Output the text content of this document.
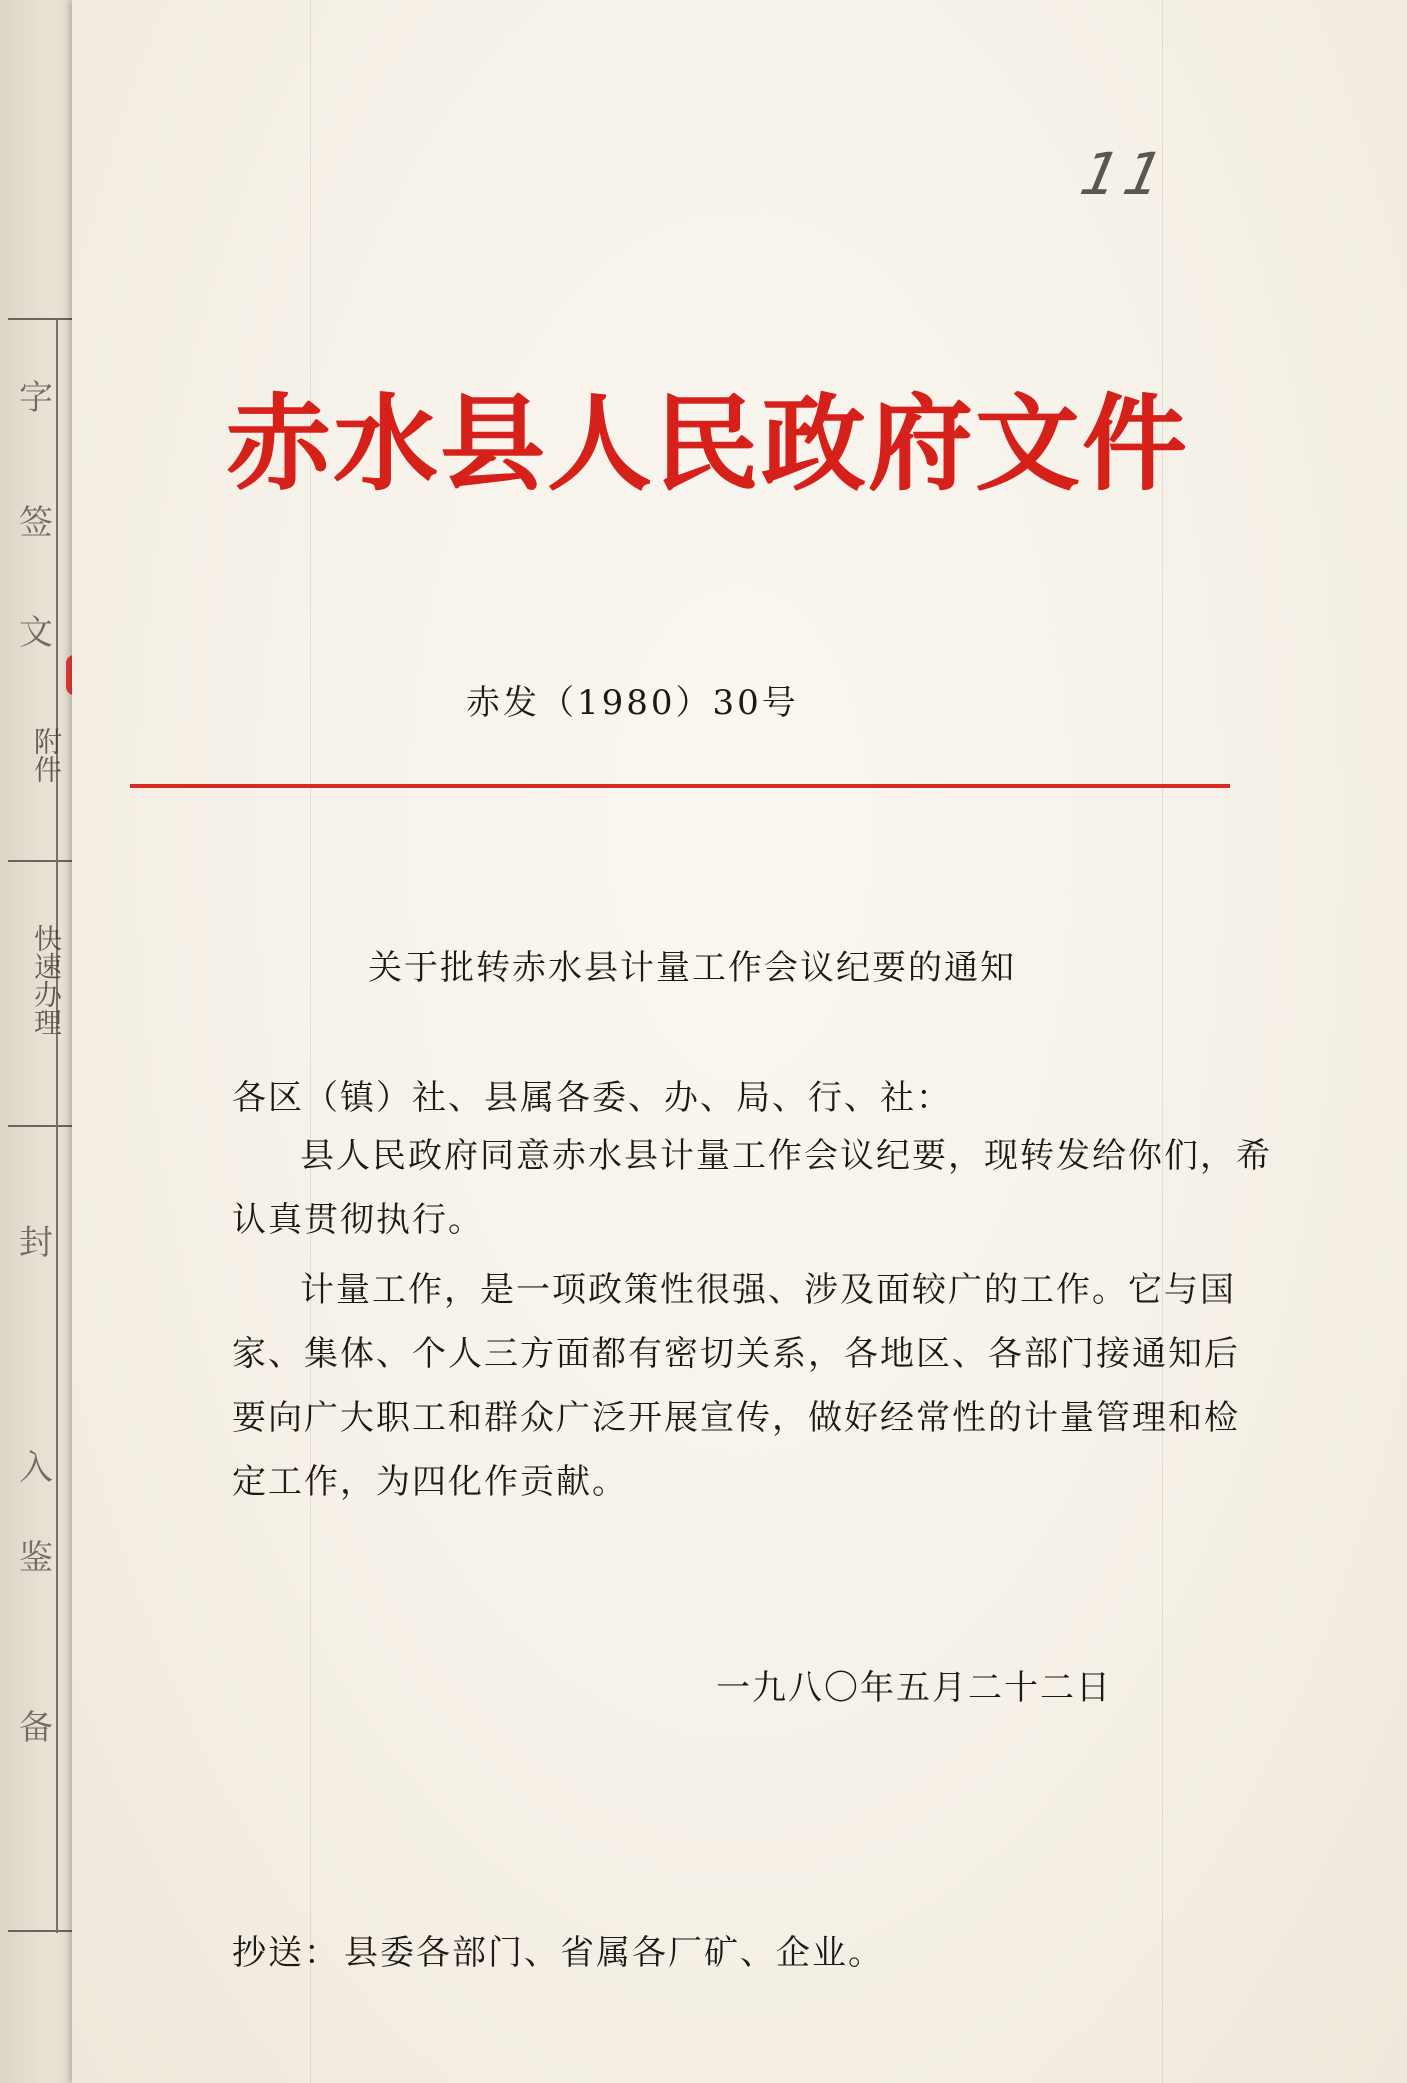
字
签
文
附件
快速办理
封
入
鉴
备
11
赤水县人民政府文件
赤发（1980）30号
关于批转赤水县计量工作会议纪要的通知
各区（镇）社、县属各委、办、局、行、社：
县人民政府同意赤水县计量工作会议纪要，现转发给你们，希认真贯彻执行。
计量工作，是一项政策性很强、涉及面较广的工作。它与国家、集体、个人三方面都有密切关系，各地区、各部门接通知后要向广大职工和群众广泛开展宣传，做好经常性的计量管理和检定工作，为四化作贡献。
一九八〇年五月二十二日
抄送： 县委各部门、省属各厂矿、企业。
